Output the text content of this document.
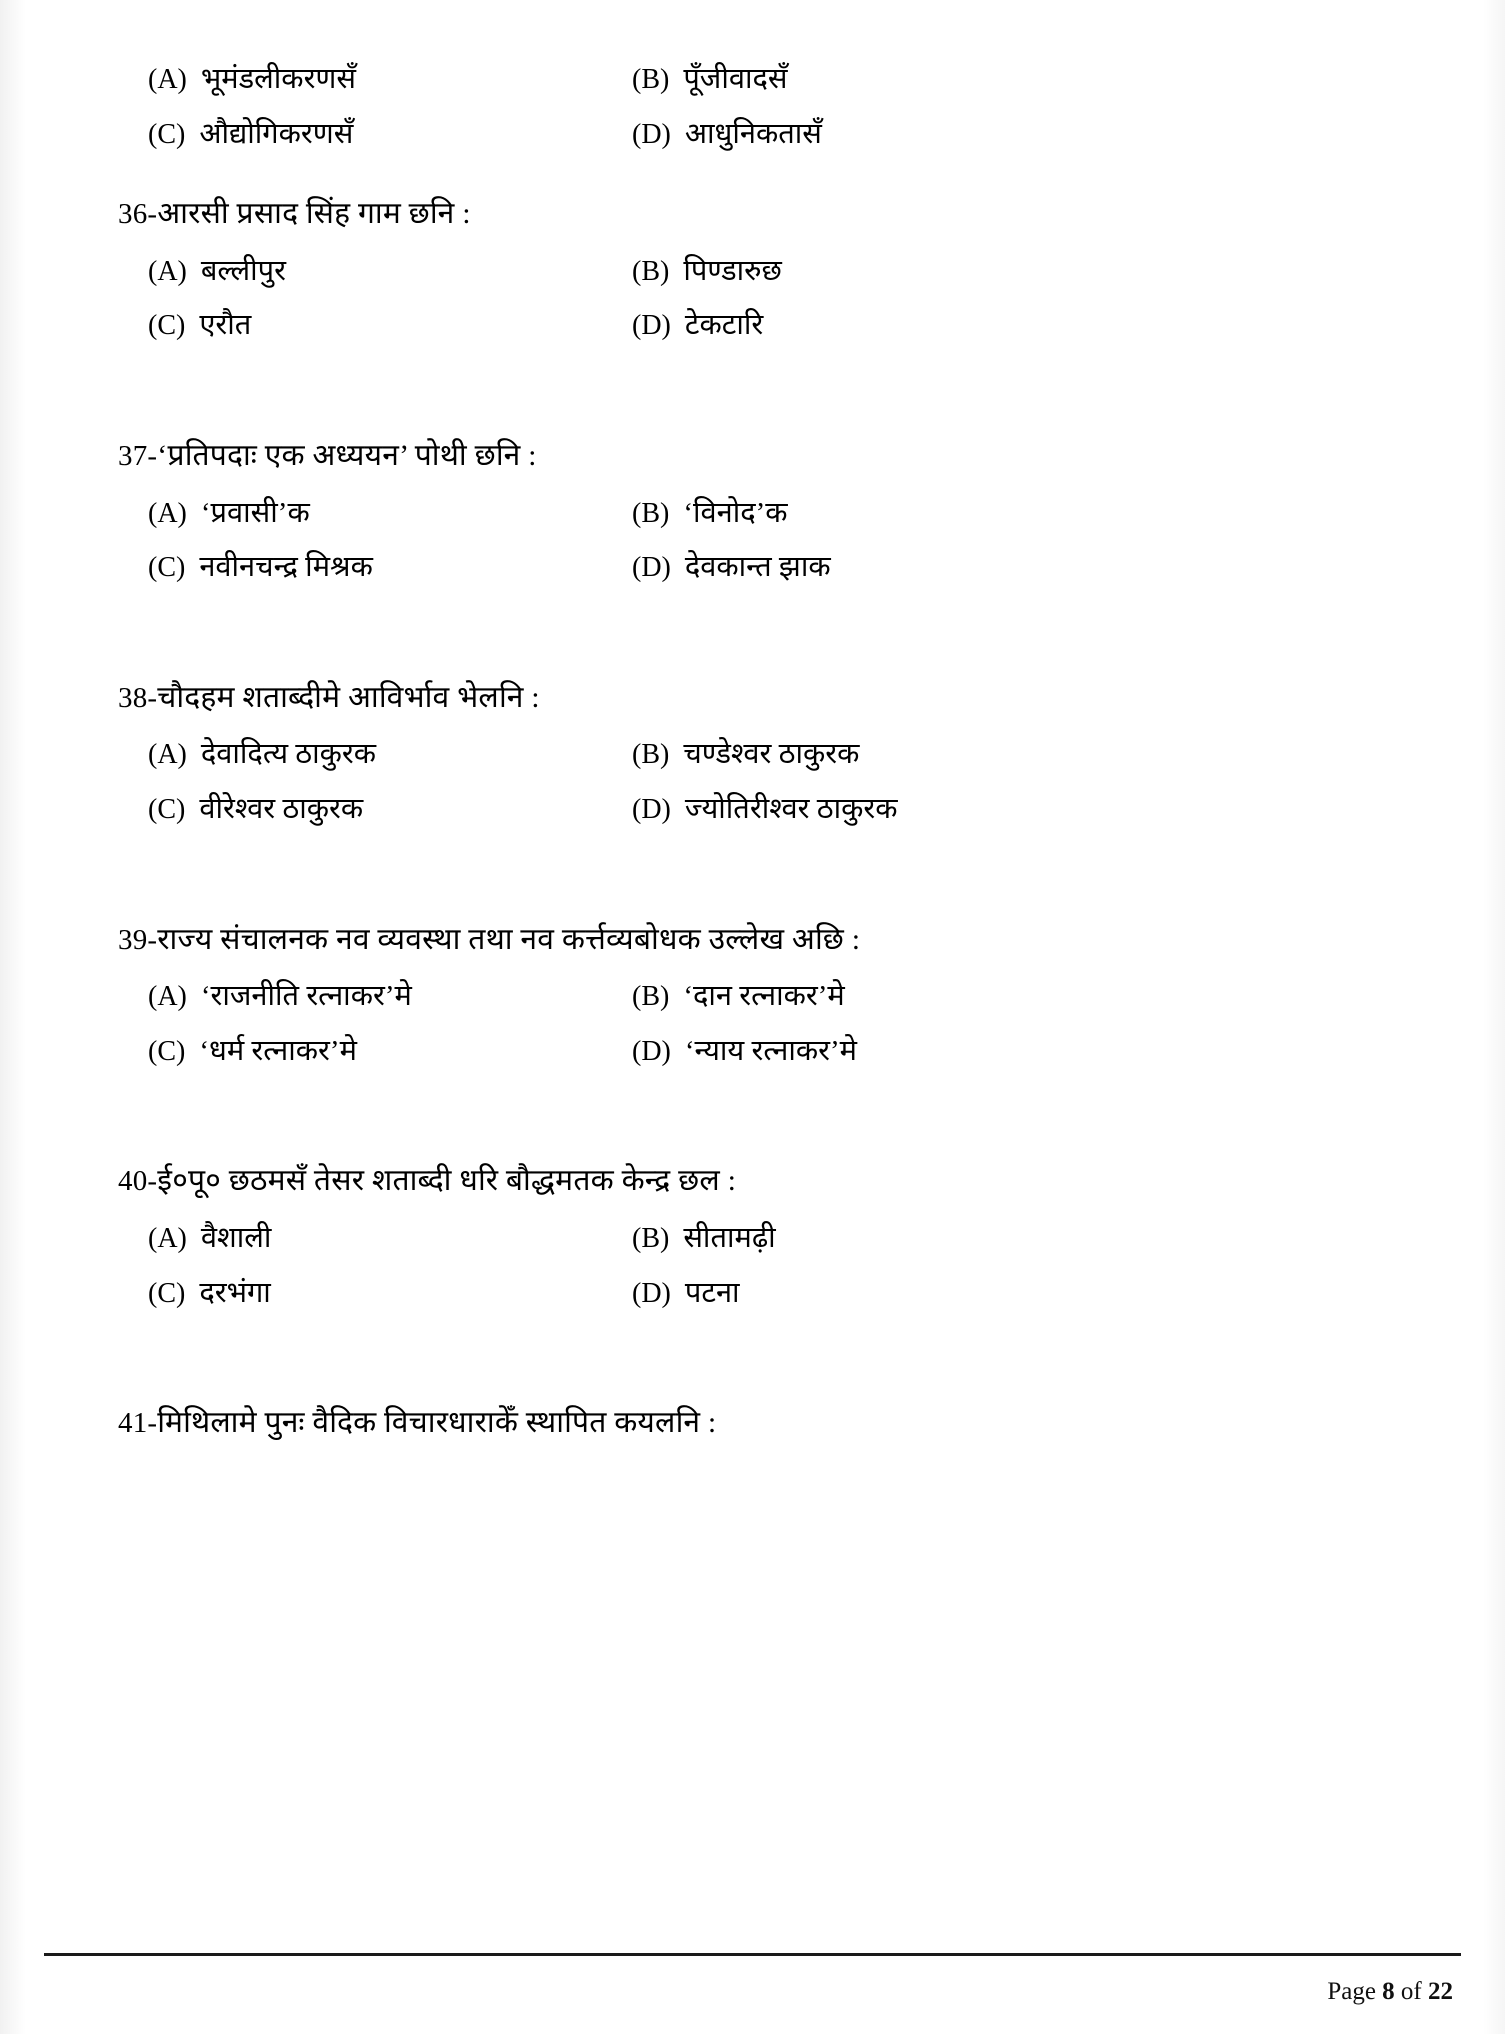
(A) भूमंडलीकरणसँ	(B) पूँजीवादसँ
(C) औद्योगिकरणसँ	(D) आधुनिकतासँ
36- आरसी प्रसाद सिंह गाम छनि :
(A) बल्लीपुर	(B) पिण्डारुछ
(C) एरौत	(D) टेकटारि
37- ‘प्रतिपदाः एक अध्ययन’ पोथी छनि :
(A) ‘प्रवासी’क	(B) ‘विनोद’क
(C) नवीनचन्द्र मिश्रक	(D) देवकान्त झाक
38- चौदहम शताब्दीमे आविर्भाव भेलनि :
(A) देवादित्य ठाकुरक	(B) चण्डेश्वर ठाकुरक
(C) वीरेश्वर ठाकुरक	(D) ज्योतिरीश्वर ठाकुरक
39- राज्य संचालनक नव व्यवस्था तथा नव कर्त्तव्यबोधक उल्लेख अछि :
(A) ‘राजनीति रत्नाकर’मे	(B) ‘दान रत्नाकर’मे
(C) ‘धर्म रत्नाकर’मे	(D) ‘न्याय रत्नाकर’मे
40- ई०पू० छठमसँ तेसर शताब्दी धरि बौद्धमतक केन्द्र छल :
(A) वैशाली	(B) सीतामढ़ी
(C) दरभंगा	(D) पटना
41- मिथिलामे पुनः वैदिक विचारधाराकेँ स्थापित कयलनि :
Page 8 of 22
